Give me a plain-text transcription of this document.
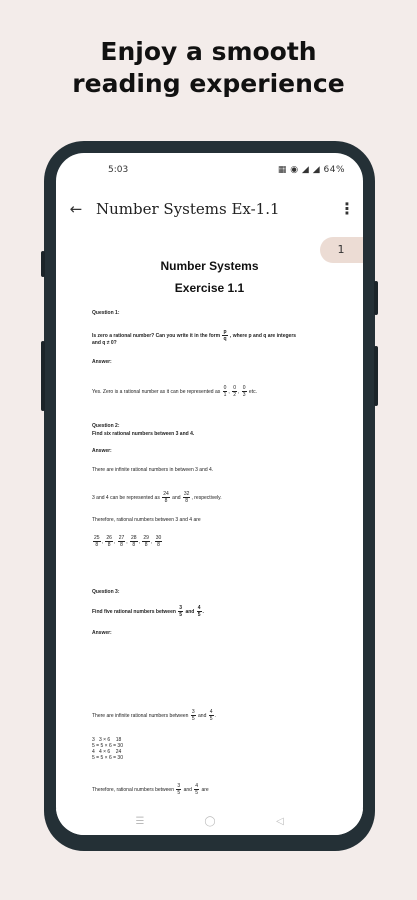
Enjoy a smooth
reading experience
5:03	▦ ◉ ◢ ◢ 64%
← Number Systems Ex-1.1	⋮
1
Number Systems
Exercise 1.1
Question 1:
Is zero a rational number? Can you write it in the form $\frac{p}{q}$ , where p and q are integers
and q ≠ 0?
Answer:
Yes. Zero is a rational number as it can be represented as $\frac{0}{1}$ , $\frac{0}{2}$ , $\frac{0}{3}$ etc.
Question 2:
Find six rational numbers between 3 and 4.
Answer:
There are infinite rational numbers in between 3 and 4.
3 and 4 can be represented as $\frac{24}{8}$ and $\frac{32}{8}$ , respectively.
Therefore, rational numbers between 3 and 4 are
$\frac{25}{8}$ , $\frac{26}{8}$ , $\frac{27}{8}$ , $\frac{28}{8}$ , $\frac{29}{8}$ , $\frac{30}{8}$
Question 3:
Find five rational numbers between $\frac{3}{5}$ and $\frac{4}{5}$ .
Answer:
There are infinite rational numbers between $\frac{3}{5}$ and $\frac{4}{5}$ .
3   3 × 6    18
5 = 5 × 6 = 30
4   4 × 6    24
5 = 5 × 6 = 30
Therefore, rational numbers between $\frac{3}{5}$ and $\frac{4}{5}$ are
☰	◯	◁
